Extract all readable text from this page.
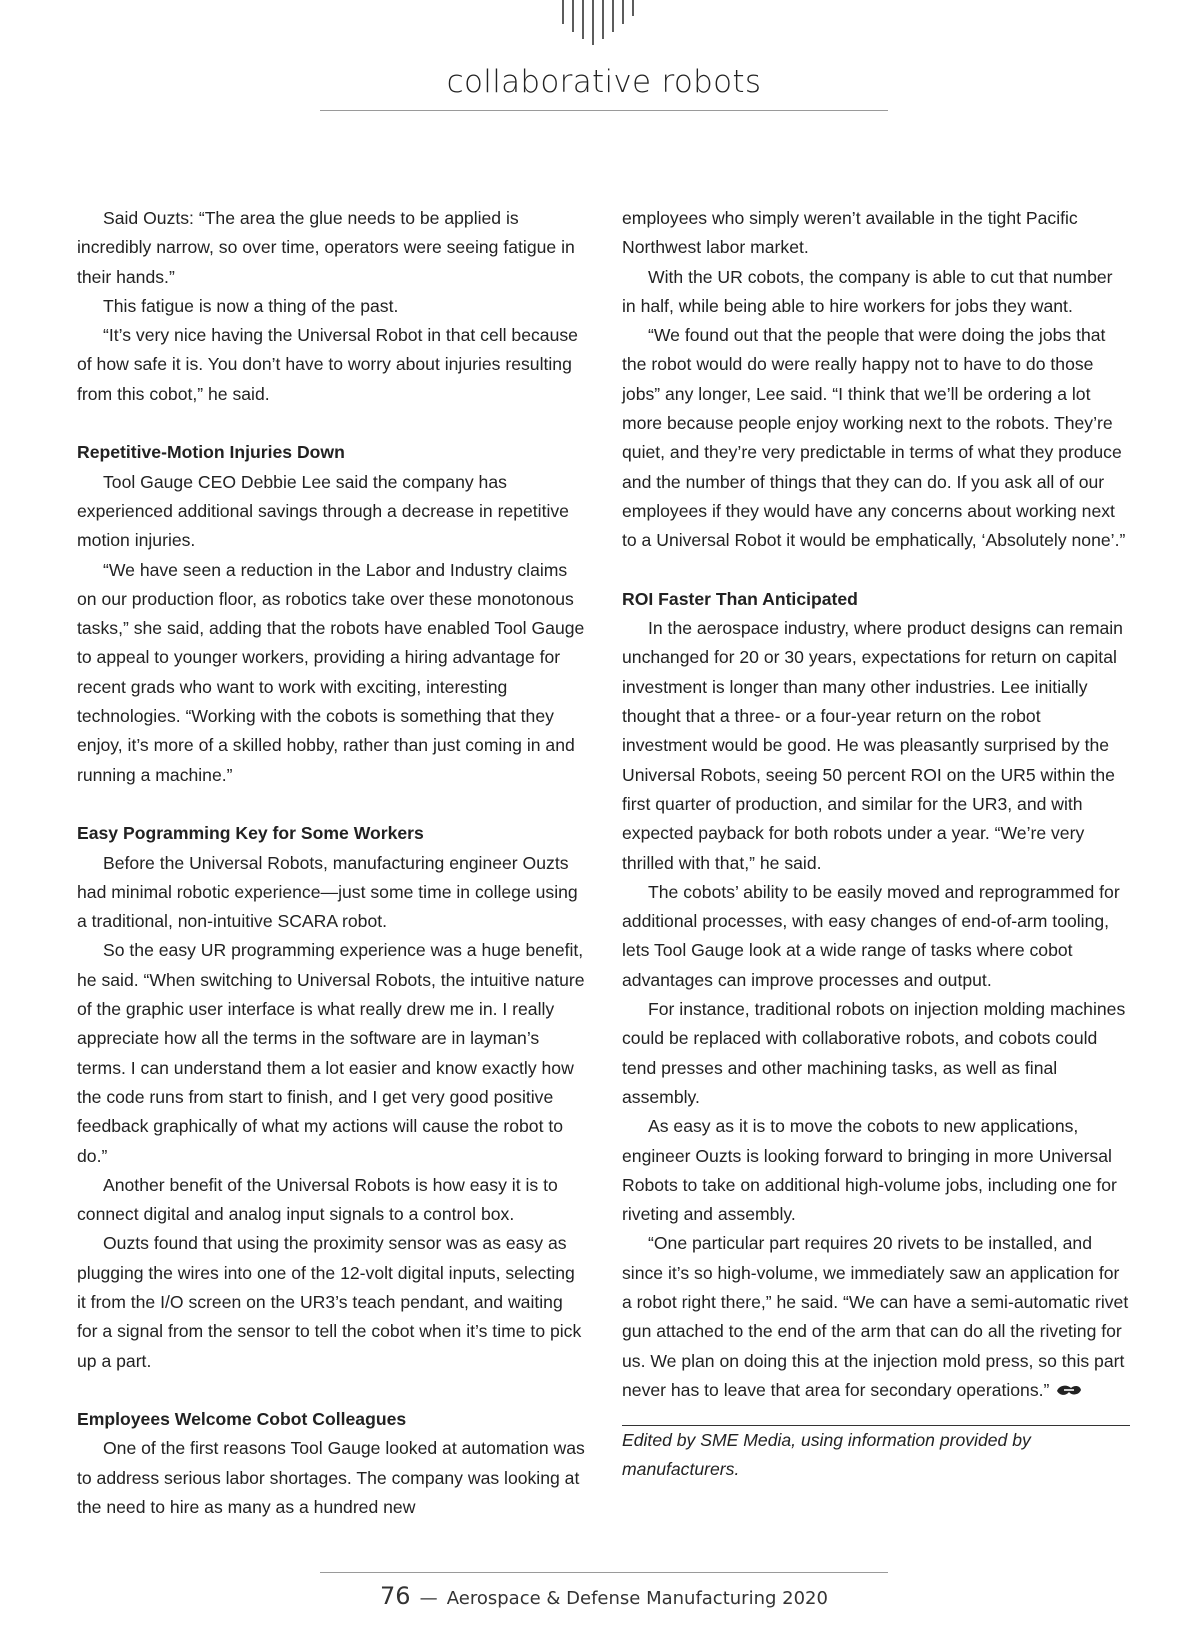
collaborative robots

Said Ouzts: “The area the glue needs to be applied is incredibly narrow, so over time, operators were seeing fatigue in their hands.”

This fatigue is now a thing of the past.

“It’s very nice having the Universal Robot in that cell because of how safe it is. You don’t have to worry about injuries resulting from this cobot,” he said.

Repetitive-Motion Injuries Down

Tool Gauge CEO Debbie Lee said the company has experienced additional savings through a decrease in repetitive motion injuries.

“We have seen a reduction in the Labor and Industry claims on our production floor, as robotics take over these monotonous tasks,” she said, adding that the robots have enabled Tool Gauge to appeal to younger workers, providing a hiring advantage for recent grads who want to work with exciting, interesting technologies. “Working with the cobots is something that they enjoy, it’s more of a skilled hobby, rather than just coming in and running a machine.”

Easy Pogramming Key for Some Workers

Before the Universal Robots, manufacturing engineer Ouzts had minimal robotic experience—just some time in college using a traditional, non-intuitive SCARA robot.

So the easy UR programming experience was a huge benefit, he said. “When switching to Universal Robots, the intuitive nature of the graphic user interface is what really drew me in. I really appreciate how all the terms in the software are in layman’s terms. I can understand them a lot easier and know exactly how the code runs from start to finish, and I get very good positive feedback graphically of what my actions will cause the robot to do.”

Another benefit of the Universal Robots is how easy it is to connect digital and analog input signals to a control box.

Ouzts found that using the proximity sensor was as easy as plugging the wires into one of the 12-volt digital inputs, selecting it from the I/O screen on the UR3’s teach pendant, and waiting for a signal from the sensor to tell the cobot when it’s time to pick up a part.

Employees Welcome Cobot Colleagues

One of the first reasons Tool Gauge looked at automation was to address serious labor shortages. The company was looking at the need to hire as many as a hundred new

employees who simply weren’t available in the tight Pacific Northwest labor market.

With the UR cobots, the company is able to cut that number in half, while being able to hire workers for jobs they want.

“We found out that the people that were doing the jobs that the robot would do were really happy not to have to do those jobs” any longer, Lee said. “I think that we’ll be ordering a lot more because people enjoy working next to the robots. They’re quiet, and they’re very predictable in terms of what they produce and the number of things that they can do. If you ask all of our employees if they would have any concerns about working next to a Universal Robot it would be emphatically, ‘Absolutely none’.”

ROI Faster Than Anticipated

In the aerospace industry, where product designs can remain unchanged for 20 or 30 years, expectations for return on capital investment is longer than many other industries. Lee initially thought that a three- or a four-year return on the robot investment would be good. He was pleasantly surprised by the Universal Robots, seeing 50 percent ROI on the UR5 within the first quarter of production, and similar for the UR3, and with expected payback for both robots under a year. “We’re very thrilled with that,” he said.

The cobots’ ability to be easily moved and reprogrammed for additional processes, with easy changes of end-of-arm tooling, lets Tool Gauge look at a wide range of tasks where cobot advantages can improve processes and output.

For instance, traditional robots on injection molding machines could be replaced with collaborative robots, and cobots could tend presses and other machining tasks, as well as final assembly.

As easy as it is to move the cobots to new applications, engineer Ouzts is looking forward to bringing in more Universal Robots to take on additional high-volume jobs, including one for riveting and assembly.

“One particular part requires 20 rivets to be installed, and since it’s so high-volume, we immediately saw an application for a robot right there,” he said. “We can have a semi-automatic rivet gun attached to the end of the arm that can do all the riveting for us. We plan on doing this at the injection mold press, so this part never has to leave that area for secondary operations.”

Edited by SME Media, using information provided by manufacturers.

76 — Aerospace & Defense Manufacturing 2020
